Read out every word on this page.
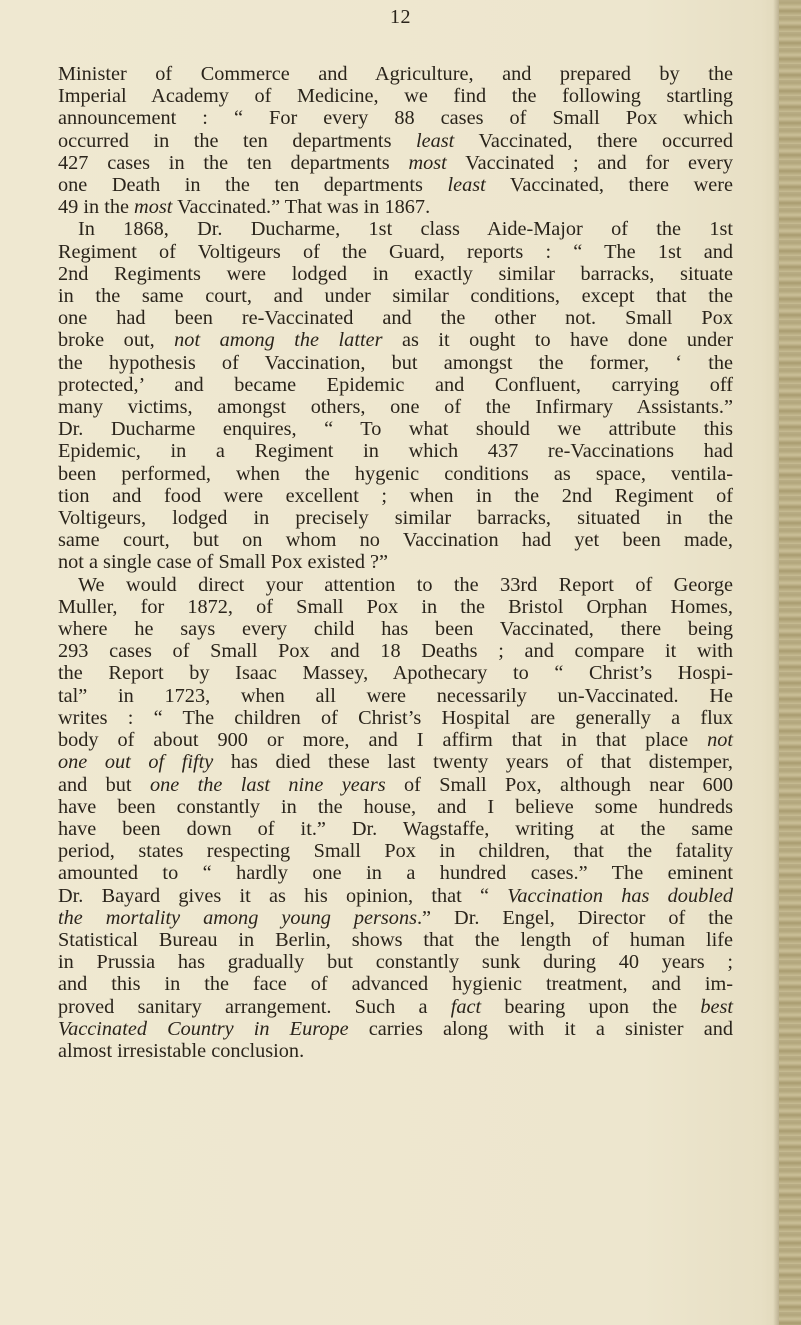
12
Minister of Commerce and Agriculture, and prepared by the
Imperial Academy of Medicine, we find the following startling
announcement : “ For every 88 cases of Small Pox which
occurred in the ten departments least Vaccinated, there occurred
427 cases in the ten departments most Vaccinated ; and for every
one Death in the ten departments least Vaccinated, there were
49 in the most Vaccinated.” That was in 1867.
In 1868, Dr. Ducharme, 1st class Aide-Major of the 1st
Regiment of Voltigeurs of the Guard, reports : “ The 1st and
2nd Regiments were lodged in exactly similar barracks, situate
in the same court, and under similar conditions, except that the
one had been re-Vaccinated and the other not. Small Pox
broke out, not among the latter as it ought to have done under
the hypothesis of Vaccination, but amongst the former, ‘ the
protected,’ and became Epidemic and Confluent, carrying off
many victims, amongst others, one of the Infirmary Assistants.”
Dr. Ducharme enquires, “ To what should we attribute this
Epidemic, in a Regiment in which 437 re-Vaccinations had
been performed, when the hygenic conditions as space, ventila-
tion and food were excellent ; when in the 2nd Regiment of
Voltigeurs, lodged in precisely similar barracks, situated in the
same court, but on whom no Vaccination had yet been made,
not a single case of Small Pox existed ?”
We would direct your attention to the 33rd Report of George
Muller, for 1872, of Small Pox in the Bristol Orphan Homes,
where he says every child has been Vaccinated, there being
293 cases of Small Pox and 18 Deaths ; and compare it with
the Report by Isaac Massey, Apothecary to “ Christ’s Hospi-
tal” in 1723, when all were necessarily un-Vaccinated. He
writes : “ The children of Christ’s Hospital are generally a flux
body of about 900 or more, and I affirm that in that place not
one out of fifty has died these last twenty years of that distemper,
and but one the last nine years of Small Pox, although near 600
have been constantly in the house, and I believe some hundreds
have been down of it.” Dr. Wagstaffe, writing at the same
period, states respecting Small Pox in children, that the fatality
amounted to “ hardly one in a hundred cases.” The eminent
Dr. Bayard gives it as his opinion, that “ Vaccination has doubled
the mortality among young persons.” Dr. Engel, Director of the
Statistical Bureau in Berlin, shows that the length of human life
in Prussia has gradually but constantly sunk during 40 years ;
and this in the face of advanced hygienic treatment, and im-
proved sanitary arrangement. Such a fact bearing upon the best
Vaccinated Country in Europe carries along with it a sinister and
almost irresistable conclusion.
